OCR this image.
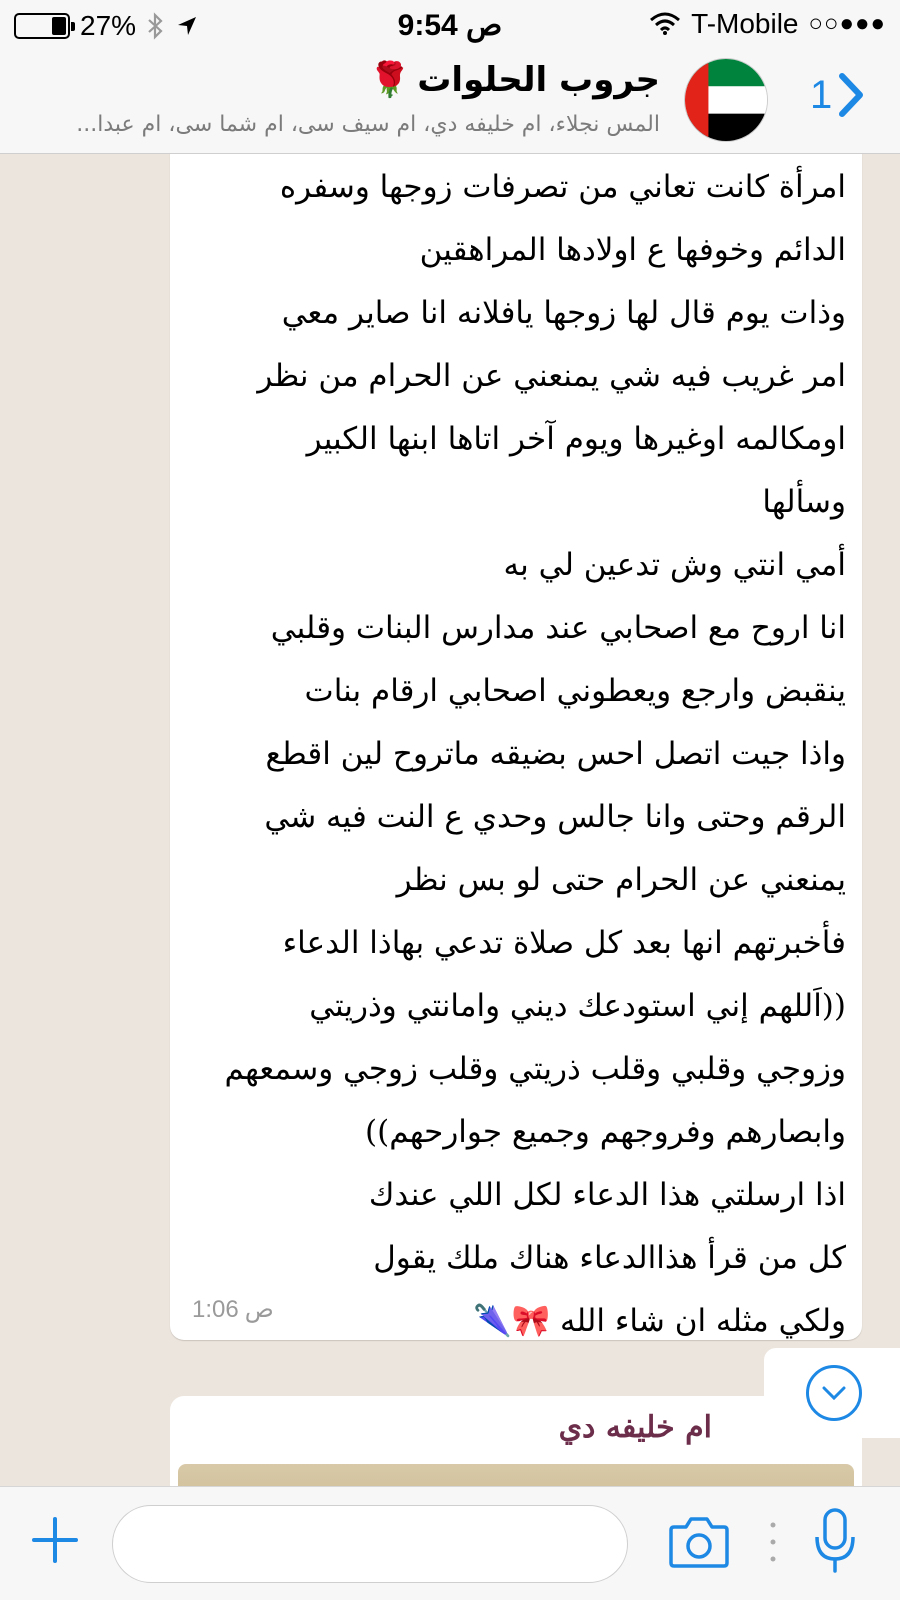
27%	9:54 ص	T-Mobile ○○●●●
1
جروب الحلوات
🌹
المس نجلاء، ام خليفه دي، ام سيف سى، ام شما سى، ام عبدا...
امرأة كانت تعاني من تصرفات زوجها وسفره
الدائم وخوفها ع اولادها المراهقين
وذات يوم قال لها زوجها يافلانه انا صاير معي
امر غريب فيه شي يمنعني عن الحرام من نظر
اومكالمه اوغيرها ويوم آخر اتاها ابنها الكبير
وسألها
أمي انتي وش تدعين لي به
انا اروح مع اصحابي عند مدارس البنات وقلبي
ينقبض وارجع ويعطوني اصحابي ارقام بنات
واذا جيت اتصل احس بضيقه ماتروح لين اقطع
الرقم وحتى وانا جالس وحدي ع النت فيه شي
يمنعني عن الحرام حتى لو بس نظر
فأخبرتهم انها بعد كل صلاة تدعي بهاذا الدعاء
((اَللهم إني استودعك ديني وامانتي وذريتي
وزوجي وقلبي وقلب ذريتي وقلب زوجي وسمعهم
وابصارهم وفروجهم وجميع جوارحهم))
اذا ارسلتي هذا الدعاء لكل اللي عندك
كل من قرأ هذاالدعاء هناك ملك يقول
ولكي مثله ان شاء الله 🎀🌂
1:06 ص
ام خليفه دي
